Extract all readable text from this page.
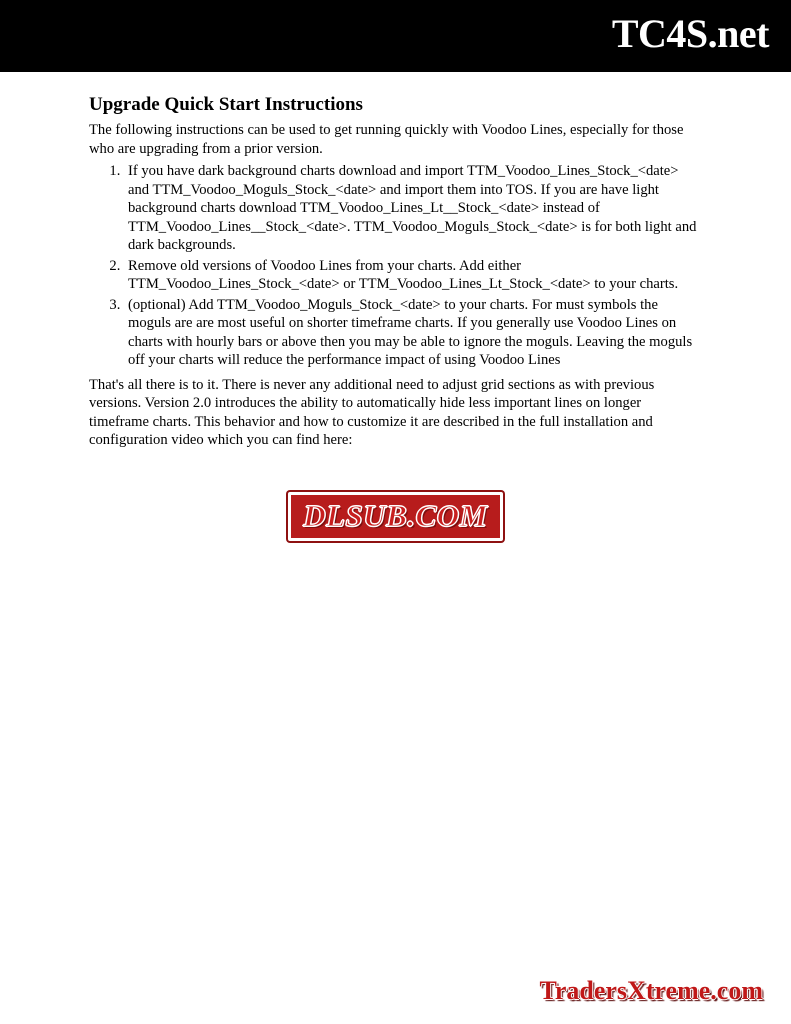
TC4S.net
Upgrade Quick Start Instructions

The following instructions can be used to get running quickly with Voodoo Lines, especially for those who are upgrading from a prior version.

1. If you have dark background charts download and import TTM_Voodoo_Lines_Stock_<date> and TTM_Voodoo_Moguls_Stock_<date> and import them into TOS. If you are have light background charts download TTM_Voodoo_Lines_Lt__Stock_<date> instead of TTM_Voodoo_Lines__Stock_<date>. TTM_Voodoo_Moguls_Stock_<date> is for both light and dark backgrounds.
2. Remove old versions of Voodoo Lines from your charts. Add either TTM_Voodoo_Lines_Stock_<date> or TTM_Voodoo_Lines_Lt_Stock_<date> to your charts.
3. (optional) Add TTM_Voodoo_Moguls_Stock_<date> to your charts. For must symbols the moguls are are most useful on shorter timeframe charts. If you generally use Voodoo Lines on charts with hourly bars or above then you may be able to ignore the moguls. Leaving the moguls off your charts will reduce the performance impact of using Voodoo Lines

That's all there is to it. There is never any additional need to adjust grid sections as with previous versions. Version 2.0 introduces the ability to automatically hide less important lines on longer timeframe charts. This behavior and how to customize it are described in the full installation and configuration video which you can find here:

DLSUB.COM
TradersXtreme.com
